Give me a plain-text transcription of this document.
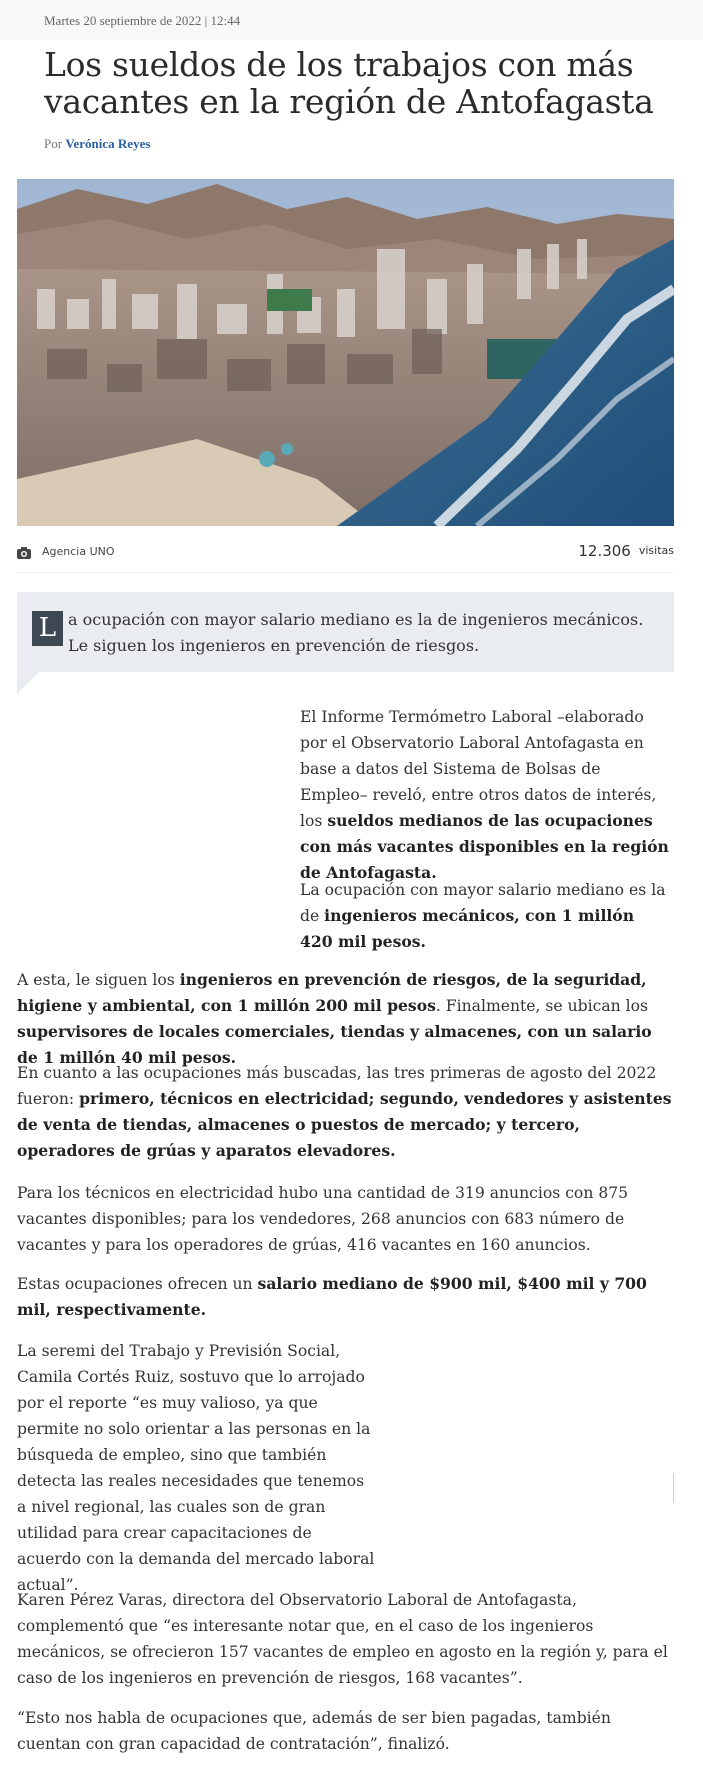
Martes 20 septiembre de 2022 | 12:44
Los sueldos de los trabajos con más vacantes en la región de Antofagasta
Por Verónica Reyes
Agencia UNO	12.306 visitas
L a ocupación con mayor salario mediano es la de ingenieros mecánicos. Le siguen los ingenieros en prevención de riesgos.

El Informe Termómetro Laboral –elaborado por el Observatorio Laboral Antofagasta en base a datos del Sistema de Bolsas de Empleo– reveló, entre otros datos de interés, los sueldos medianos de las ocupaciones con más vacantes disponibles en la región de Antofagasta.

La ocupación con mayor salario mediano es la de ingenieros mecánicos, con 1 millón 420 mil pesos.

A esta, le siguen los ingenieros en prevención de riesgos, de la seguridad, higiene y ambiental, con 1 millón 200 mil pesos. Finalmente, se ubican los supervisores de locales comerciales, tiendas y almacenes, con un salario de 1 millón 40 mil pesos.

En cuanto a las ocupaciones más buscadas, las tres primeras de agosto del 2022 fueron: primero, técnicos en electricidad; segundo, vendedores y asistentes de venta de tiendas, almacenes o puestos de mercado; y tercero, operadores de grúas y aparatos elevadores.

Para los técnicos en electricidad hubo una cantidad de 319 anuncios con 875 vacantes disponibles; para los vendedores, 268 anuncios con 683 número de vacantes y para los operadores de grúas, 416 vacantes en 160 anuncios.

Estas ocupaciones ofrecen un salario mediano de $900 mil, $400 mil y 700 mil, respectivamente.

La seremi del Trabajo y Previsión Social, Camila Cortés Ruiz, sostuvo que lo arrojado por el reporte “es muy valioso, ya que permite no solo orientar a las personas en la búsqueda de empleo, sino que también detecta las reales necesidades que tenemos a nivel regional, las cuales son de gran utilidad para crear capacitaciones de acuerdo con la demanda del mercado laboral actual”.

Karen Pérez Varas, directora del Observatorio Laboral de Antofagasta, complementó que “es interesante notar que, en el caso de los ingenieros mecánicos, se ofrecieron 157 vacantes de empleo en agosto en la región y, para el caso de los ingenieros en prevención de riesgos, 168 vacantes”.

“Esto nos habla de ocupaciones que, además de ser bien pagadas, también cuentan con gran capacidad de contratación”, finalizó.
